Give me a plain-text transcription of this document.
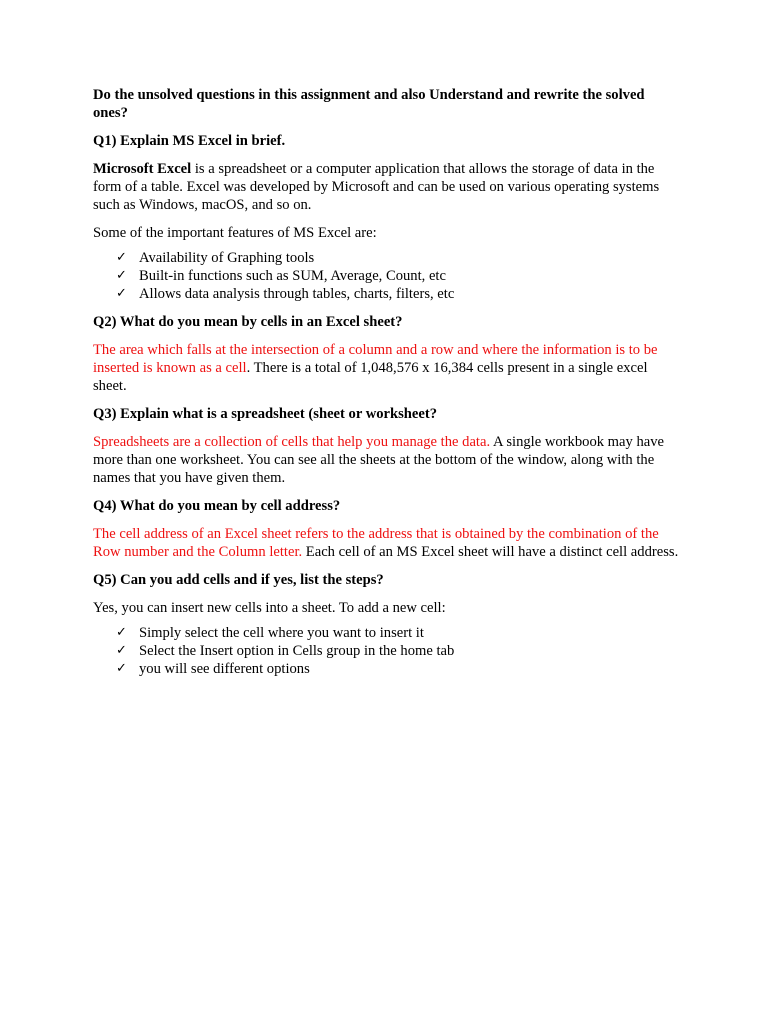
Do the unsolved questions in this assignment and also Understand and rewrite the solved ones?

Q1) Explain MS Excel in brief.

Microsoft Excel is a spreadsheet or a computer application that allows the storage of data in the form of a table. Excel was developed by Microsoft and can be used on various operating systems such as Windows, macOS, and so on.

Some of the important features of MS Excel are:

✓ Availability of Graphing tools
✓ Built-in functions such as SUM, Average, Count, etc
✓ Allows data analysis through tables, charts, filters, etc

Q2) What do you mean by cells in an Excel sheet?

The area which falls at the intersection of a column and a row and where the information is to be inserted is known as a cell. There is a total of 1,048,576 x 16,384 cells present in a single excel sheet.

Q3) Explain what is a spreadsheet (sheet or worksheet?

Spreadsheets are a collection of cells that help you manage the data. A single workbook may have more than one worksheet. You can see all the sheets at the bottom of the window, along with the names that you have given them.

Q4) What do you mean by cell address?

The cell address of an Excel sheet refers to the address that is obtained by the combination of the Row number and the Column letter. Each cell of an MS Excel sheet will have a distinct cell address.

Q5) Can you add cells and if yes, list the steps?

Yes, you can insert new cells into a sheet. To add a new cell:

✓ Simply select the cell where you want to insert it
✓ Select the Insert option in Cells group in the home tab
✓ you will see different options
